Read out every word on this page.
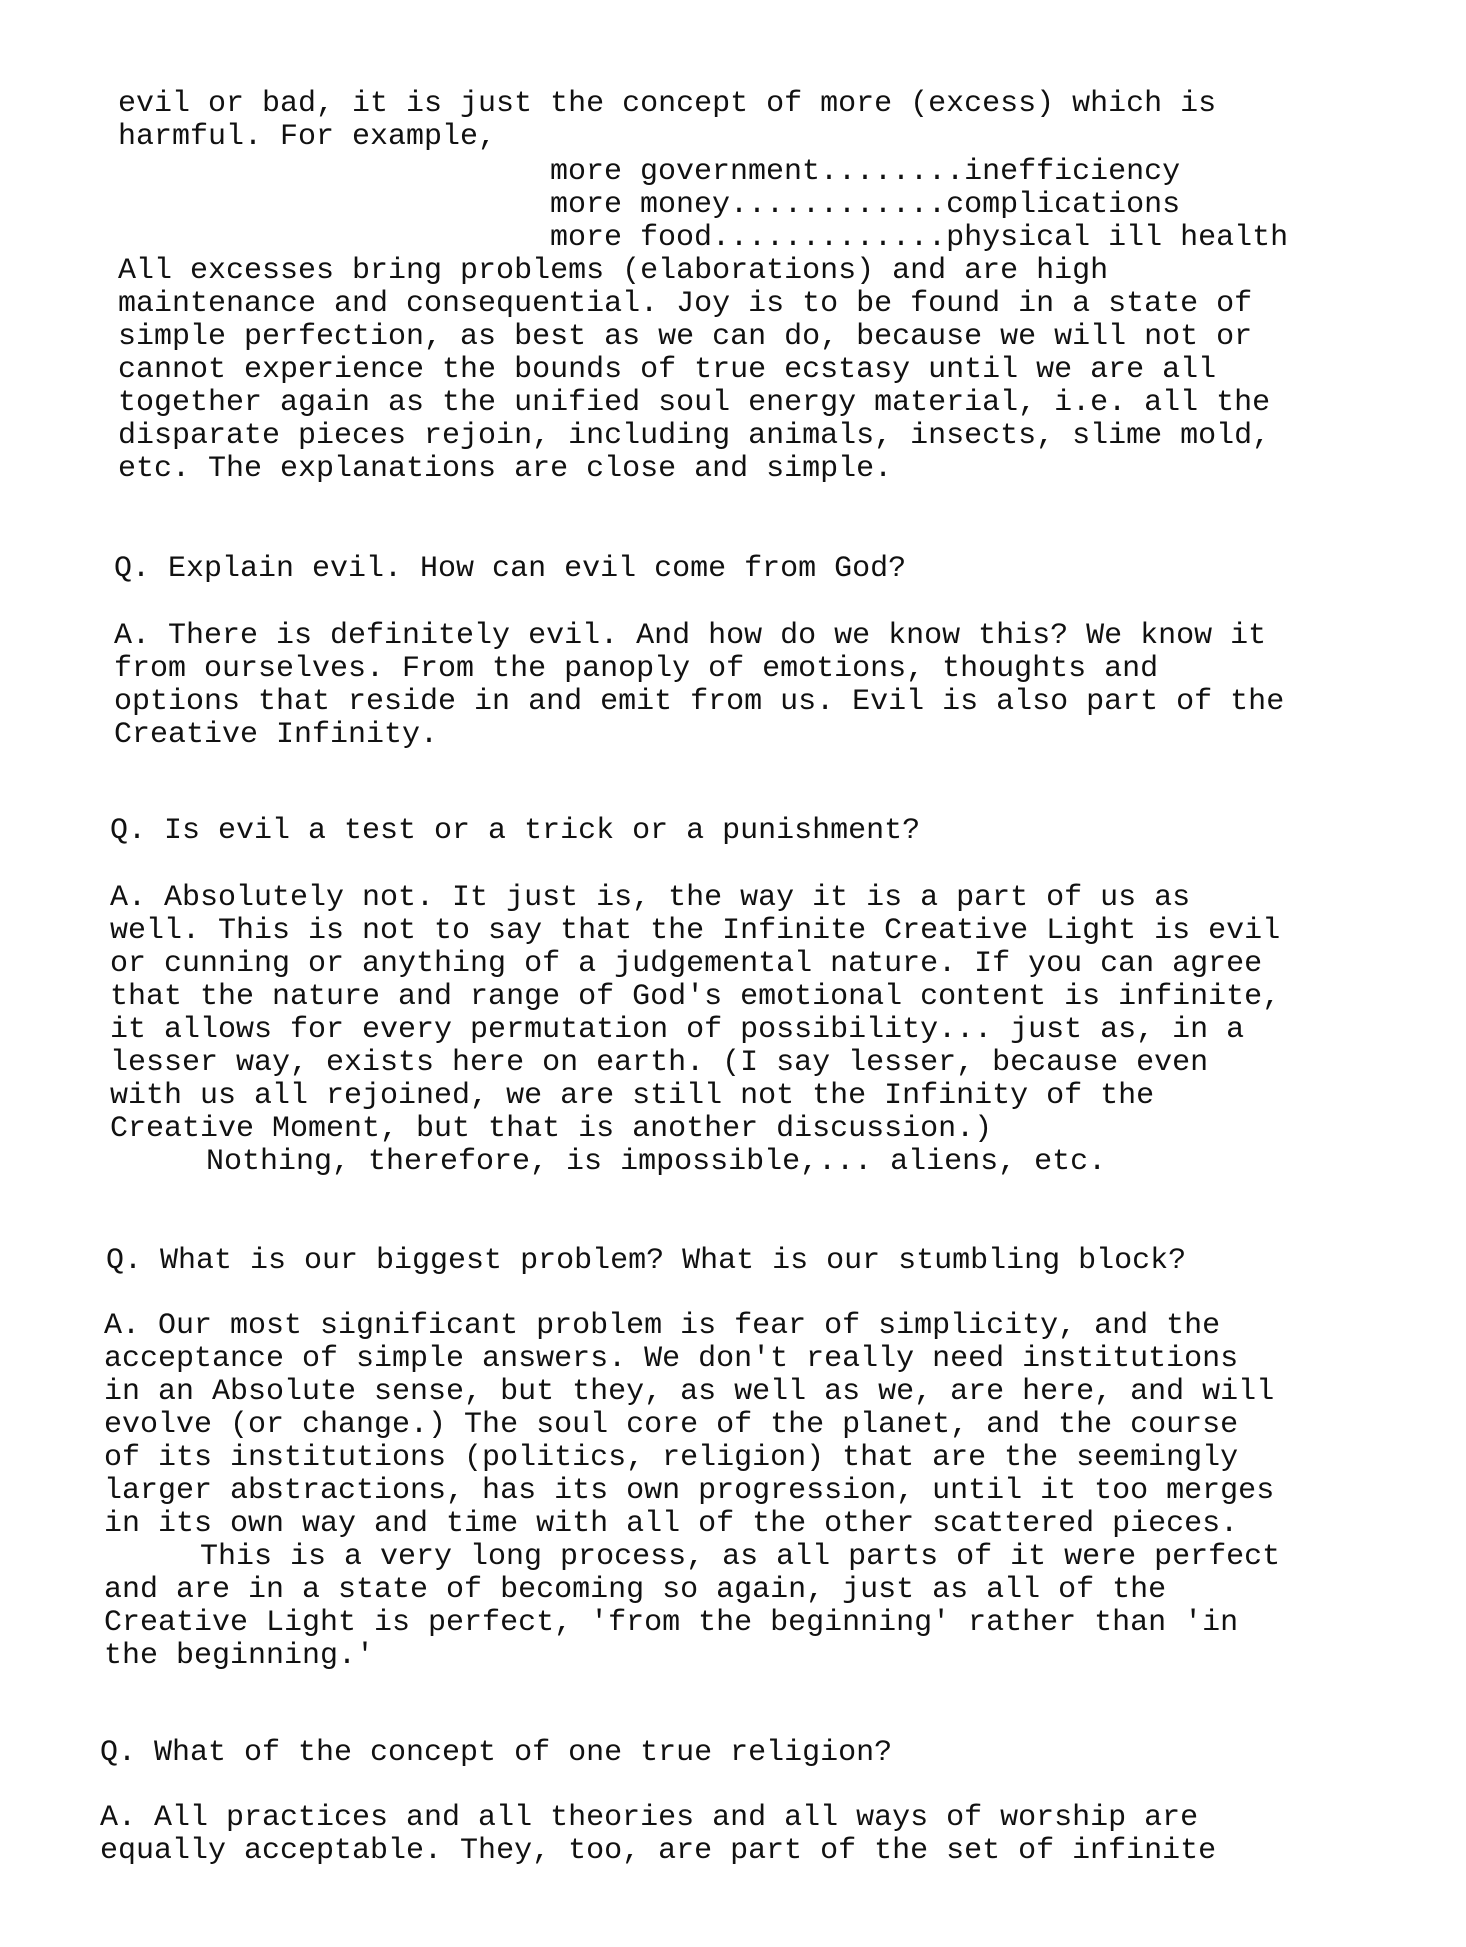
evil or bad, it is just the concept of more (excess) which is
harmful. For example,
more government........inefficiency
more money............complications
more food.............physical ill health
All excesses bring problems (elaborations) and are high
maintenance and consequential. Joy is to be found in a state of
simple perfection, as best as we can do, because we will not or
cannot experience the bounds of true ecstasy until we are all
together again as the unified soul energy material, i.e. all the
disparate pieces rejoin, including animals, insects, slime mold,
etc. The explanations are close and simple.
Q. Explain evil. How can evil come from God?
A. There is definitely evil. And how do we know this? We know it
from ourselves. From the panoply of emotions, thoughts and
options that reside in and emit from us. Evil is also part of the
Creative Infinity.
Q. Is evil a test or a trick or a punishment?
A. Absolutely not. It just is, the way it is a part of us as
well. This is not to say that the Infinite Creative Light is evil
or cunning or anything of a judgemental nature. If you can agree
that the nature and range of God's emotional content is infinite,
it allows for every permutation of possibility... just as, in a
lesser way, exists here on earth. (I say lesser, because even
with us all rejoined, we are still not the Infinity of the
Creative Moment, but that is another discussion.)
Nothing, therefore, is impossible,... aliens, etc.
Q. What is our biggest problem? What is our stumbling block?
A. Our most significant problem is fear of simplicity, and the
acceptance of simple answers. We don't really need institutions
in an Absolute sense, but they, as well as we, are here, and will
evolve (or change.) The soul core of the planet, and the course
of its institutions (politics, religion) that are the seemingly
larger abstractions, has its own progression, until it too merges
in its own way and time with all of the other scattered pieces.
This is a very long process, as all parts of it were perfect
and are in a state of becoming so again, just as all of the
Creative Light is perfect, 'from the beginning' rather than 'in
the beginning.'
Q. What of the concept of one true religion?
A. All practices and all theories and all ways of worship are
equally acceptable. They, too, are part of the set of infinite
